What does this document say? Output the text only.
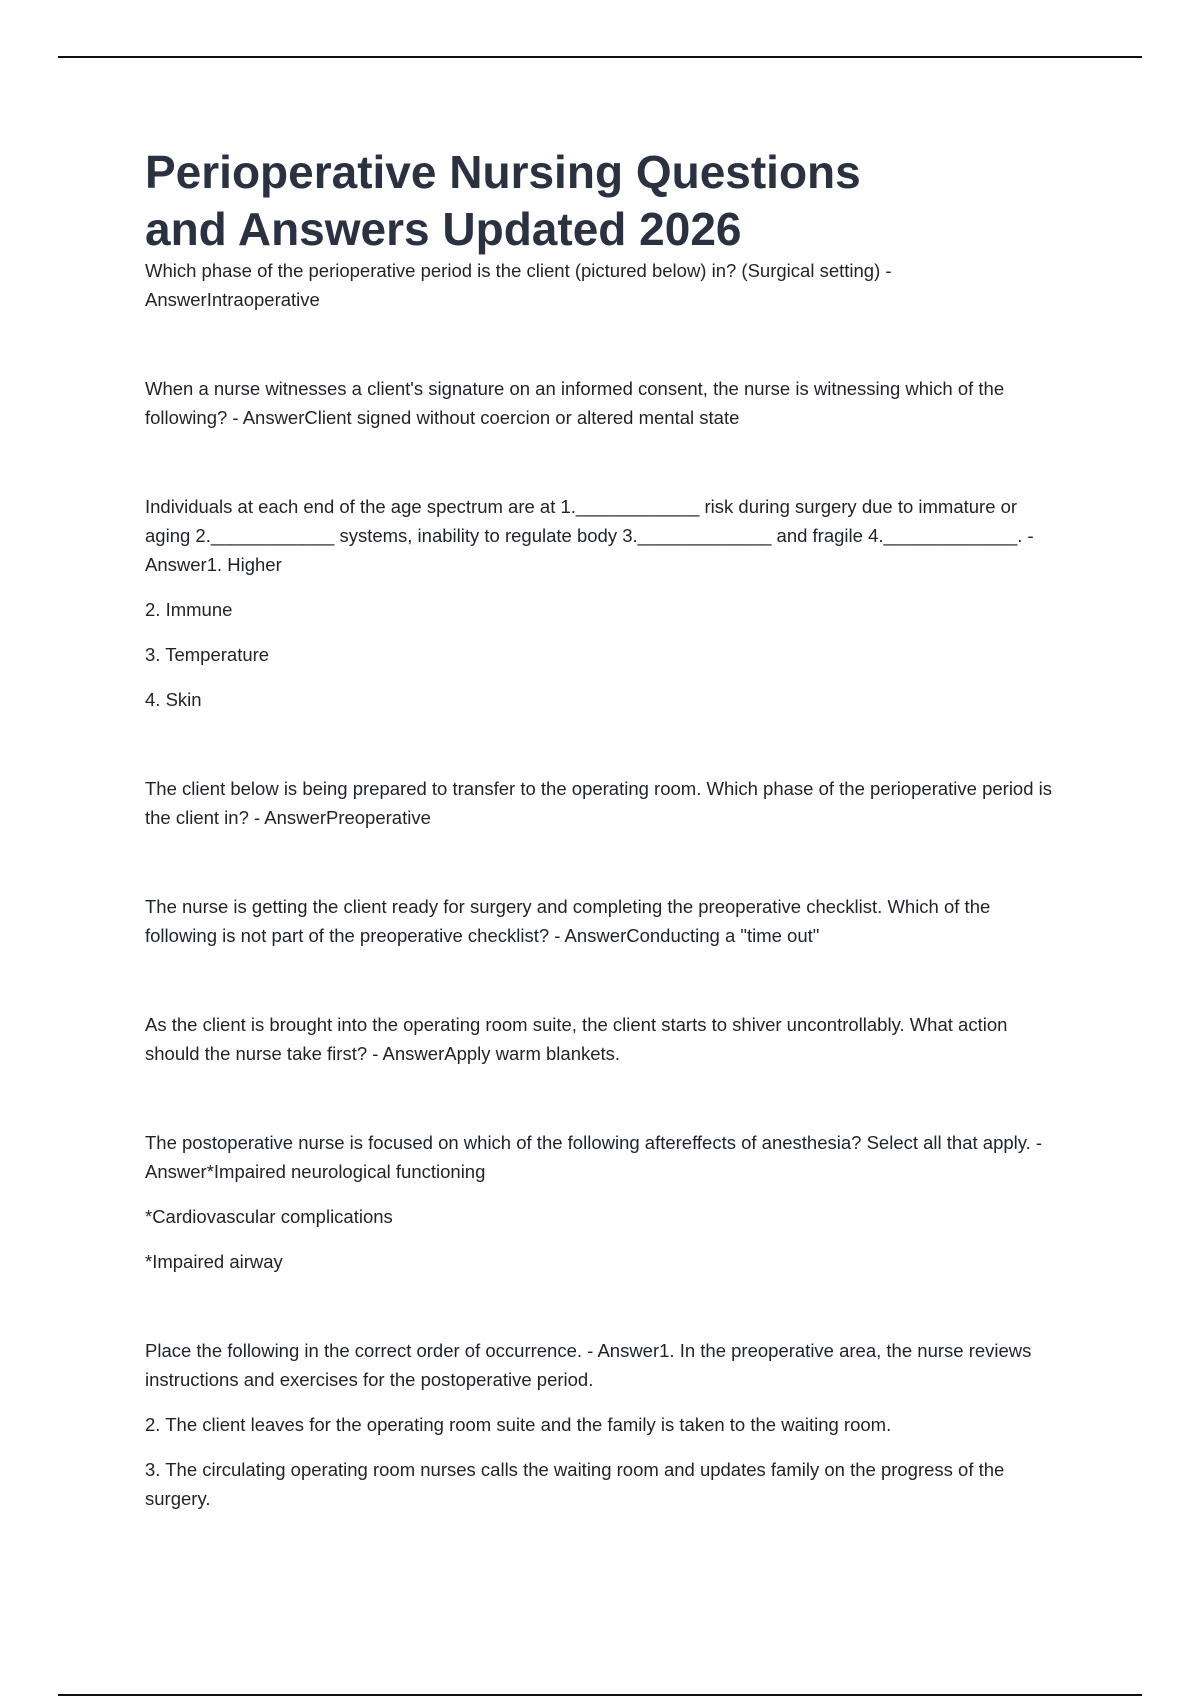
Perioperative Nursing Questions
and Answers Updated 2026

Which phase of the perioperative period is the client (pictured below) in? (Surgical setting) - AnswerIntraoperative

When a nurse witnesses a client's signature on an informed consent, the nurse is witnessing which of the following? - AnswerClient signed without coercion or altered mental state

Individuals at each end of the age spectrum are at 1.____________ risk during surgery due to immature or aging 2.____________ systems, inability to regulate body 3._____________ and fragile 4._____________. - Answer1. Higher

2. Immune

3. Temperature

4. Skin

The client below is being prepared to transfer to the operating room. Which phase of the perioperative period is the client in? - AnswerPreoperative

The nurse is getting the client ready for surgery and completing the preoperative checklist. Which of the following is not part of the preoperative checklist? - AnswerConducting a "time out"

As the client is brought into the operating room suite, the client starts to shiver uncontrollably. What action should the nurse take first? - AnswerApply warm blankets.

The postoperative nurse is focused on which of the following aftereffects of anesthesia? Select all that apply. - Answer*Impaired neurological functioning

*Cardiovascular complications

*Impaired airway

Place the following in the correct order of occurrence. - Answer1. In the preoperative area, the nurse reviews instructions and exercises for the postoperative period.

2. The client leaves for the operating room suite and the family is taken to the waiting room.

3. The circulating operating room nurses calls the waiting room and updates family on the progress of the surgery.
